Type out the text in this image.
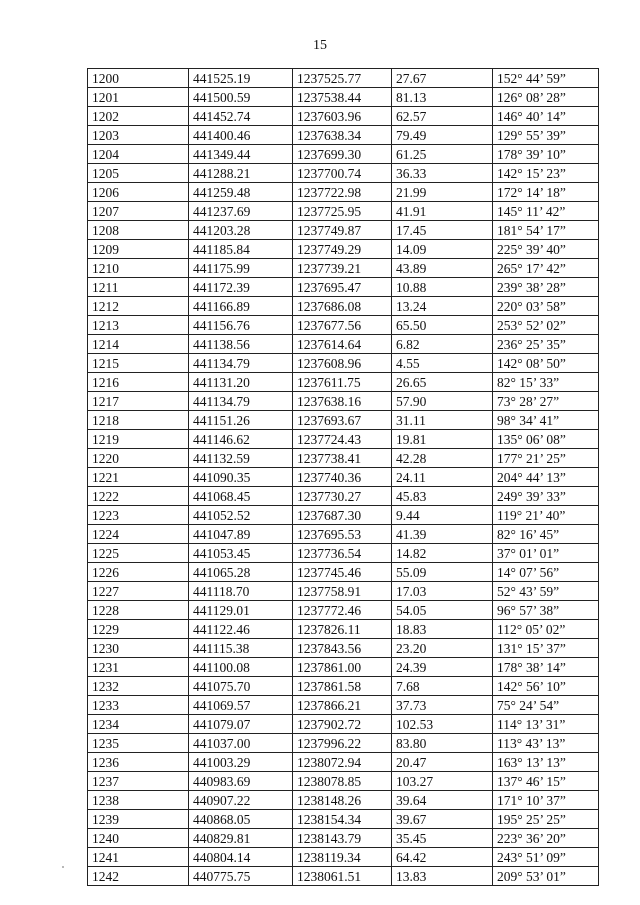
15
1200	441525.19	1237525.77	27.67	152° 44’ 59”
1201	441500.59	1237538.44	81.13	126° 08’ 28”
1202	441452.74	1237603.96	62.57	146° 40’ 14”
1203	441400.46	1237638.34	79.49	129° 55’ 39”
1204	441349.44	1237699.30	61.25	178° 39’ 10”
1205	441288.21	1237700.74	36.33	142° 15’ 23”
1206	441259.48	1237722.98	21.99	172° 14’ 18”
1207	441237.69	1237725.95	41.91	145° 11’ 42”
1208	441203.28	1237749.87	17.45	181° 54’ 17”
1209	441185.84	1237749.29	14.09	225° 39’ 40”
1210	441175.99	1237739.21	43.89	265° 17’ 42”
1211	441172.39	1237695.47	10.88	239° 38’ 28”
1212	441166.89	1237686.08	13.24	220° 03’ 58”
1213	441156.76	1237677.56	65.50	253° 52’ 02”
1214	441138.56	1237614.64	6.82	236° 25’ 35”
1215	441134.79	1237608.96	4.55	142° 08’ 50”
1216	441131.20	1237611.75	26.65	82° 15’ 33”
1217	441134.79	1237638.16	57.90	73° 28’ 27”
1218	441151.26	1237693.67	31.11	98° 34’ 41”
1219	441146.62	1237724.43	19.81	135° 06’ 08”
1220	441132.59	1237738.41	42.28	177° 21’ 25”
1221	441090.35	1237740.36	24.11	204° 44’ 13”
1222	441068.45	1237730.27	45.83	249° 39’ 33”
1223	441052.52	1237687.30	9.44	119° 21’ 40”
1224	441047.89	1237695.53	41.39	82° 16’ 45”
1225	441053.45	1237736.54	14.82	37° 01’ 01”
1226	441065.28	1237745.46	55.09	14° 07’ 56”
1227	441118.70	1237758.91	17.03	52° 43’ 59”
1228	441129.01	1237772.46	54.05	96° 57’ 38”
1229	441122.46	1237826.11	18.83	112° 05’ 02”
1230	441115.38	1237843.56	23.20	131° 15’ 37”
1231	441100.08	1237861.00	24.39	178° 38’ 14”
1232	441075.70	1237861.58	7.68	142° 56’ 10”
1233	441069.57	1237866.21	37.73	75° 24’ 54”
1234	441079.07	1237902.72	102.53	114° 13’ 31”
1235	441037.00	1237996.22	83.80	113° 43’ 13”
1236	441003.29	1238072.94	20.47	163° 13’ 13”
1237	440983.69	1238078.85	103.27	137° 46’ 15”
1238	440907.22	1238148.26	39.64	171° 10’ 37”
1239	440868.05	1238154.34	39.67	195° 25’ 25”
1240	440829.81	1238143.79	35.45	223° 36’ 20”
1241	440804.14	1238119.34	64.42	243° 51’ 09”
1242	440775.75	1238061.51	13.83	209° 53’ 01”
